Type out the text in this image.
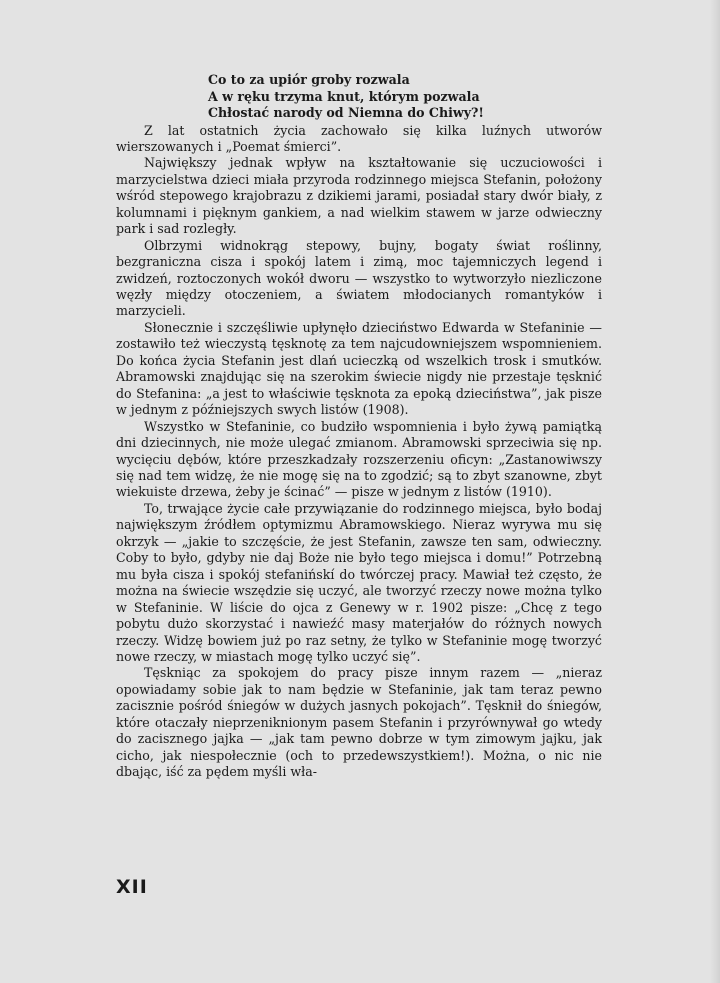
Co to za upiór groby rozwala
A w ręku trzyma knut, którym pozwala
Chłostać narody od Niemna do Chiwy?!

Z lat ostatnich życia zachowało się kilka luźnych utworów wierszowanych i „Poemat śmierci”.

Największy jednak wpływ na kształtowanie się uczuciowości i marzycielstwa dzieci miała przyroda rodzinnego miejsca Stefanin, położony wśród stepowego krajobrazu z dzikiemi jarami, posiadał stary dwór biały, z kolumnami i pięknym gankiem, a nad wielkim stawem w jarze odwieczny park i sad rozległy.

Olbrzymi widnokrąg stepowy, bujny, bogaty świat roślinny, bezgraniczna cisza i spokój latem i zimą, moc tajemniczych legend i zwidzeń, roztoczonych wokół dworu — wszystko to wytworzyło niezliczone węzły między otoczeniem, a światem młodocianych romantyków i marzycieli.

Słonecznie i szczęśliwie upłynęło dzieciństwo Edwarda w Stefaninie — zostawiło też wieczystą tęsknotę za tem najcudowniejszem wspomnieniem. Do końca życia Stefanin jest dlań ucieczką od wszelkich trosk i smutków. Abramowski znajdując się na szerokim świecie nigdy nie przestaje tęsknić do Stefanina: „a jest to właściwie tęsknota za epoką dzieciństwa”, jak pisze w jednym z późniejszych swych listów (1908).

Wszystko w Stefaninie, co budziło wspomnienia i było żywą pamiątką dni dziecinnych, nie może ulegać zmianom. Abramowski sprzeciwia się np. wycięciu dębów, które przeszkadzały rozszerzeniu oficyn: „Zastanowiwszy się nad tem widzę, że nie mogę się na to zgodzić; są to zbyt szanowne, zbyt wiekuiste drzewa, żeby je ścinać” — pisze w jednym z listów (1910).

To, trwające życie całe przywiązanie do rodzinnego miejsca, było bodaj największym źródłem optymizmu Abramowskiego. Nieraz wyrywa mu się okrzyk — „jakie to szczęście, że jest Stefanin, zawsze ten sam, odwieczny. Coby to było, gdyby nie daj Boże nie było tego miejsca i domu!” Potrzebną mu była cisza i spokój stefanińskí do twórczej pracy. Mawiał też często, że można na świecie wszędzie się uczyć, ale tworzyć rzeczy nowe można tylko w Stefaninie. W liście do ojca z Genewy w r. 1902 pisze: „Chcę z tego pobytu dużo skorzystać i nawieźć masy materjałów do różnych nowych rzeczy. Widzę bowiem już po raz setny, że tylko w Stefaninie mogę tworzyć nowe rzeczy, w miastach mogę tylko uczyć się”.

Tęskniąc za spokojem do pracy pisze innym razem — „nieraz opowiadamy sobie jak to nam będzie w Stefaninie, jak tam teraz pewno zacisznie pośród śniegów w dużych jasnych pokojach”. Tęsknił do śniegów, które otaczały nieprzeniknionym pasem Stefanin i przyrównywał go wtedy do zacisznego jajka — „jak tam pewno dobrze w tym zimowym jajku, jak cicho, jak niespołecznie (och to przedewszystkiem!). Można, o nic nie dbając, iść za pędem myśli wła-

XII
